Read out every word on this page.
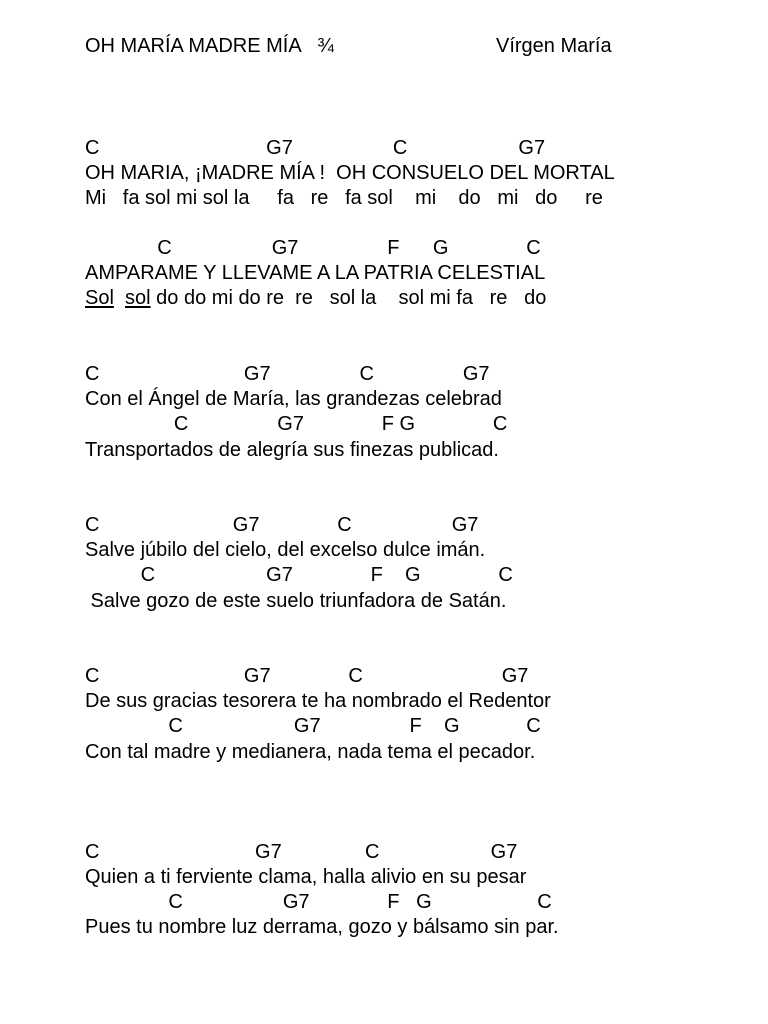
OH MARÍA MADRE MÍA   ¾	Vírgen María
C                              G7                  C                    G7
OH MARIA, ¡MADRE MÍA !  OH CONSUELO DEL MORTAL
Mi   fa sol mi sol la     fa   re   fa sol    mi    do   mi   do     re
C                  G7                F      G              C
AMPARAME Y LLEVAME A LA PATRIA CELESTIAL
Sol sol do do mi do re  re   sol la    sol mi fa   re   do
C                          G7                C                G7
Con el Ángel de María, las grandezas celebrad
C                G7              F G              C
Transportados de alegría sus finezas publicad.
C                        G7              C                  G7
Salve júbilo del cielo, del excelso dulce imán.
C                    G7              F    G              C
Salve gozo de este suelo triunfadora de Satán.
C                          G7              C                         G7
De sus gracias tesorera te ha nombrado el Redentor
C                    G7                F    G            C
Con tal madre y medianera, nada tema el pecador.
C                            G7               C                    G7
Quien a ti ferviente clama, halla alivio en su pesar
C                  G7              F   G                   C
Pues tu nombre luz derrama, gozo y bálsamo sin par.
